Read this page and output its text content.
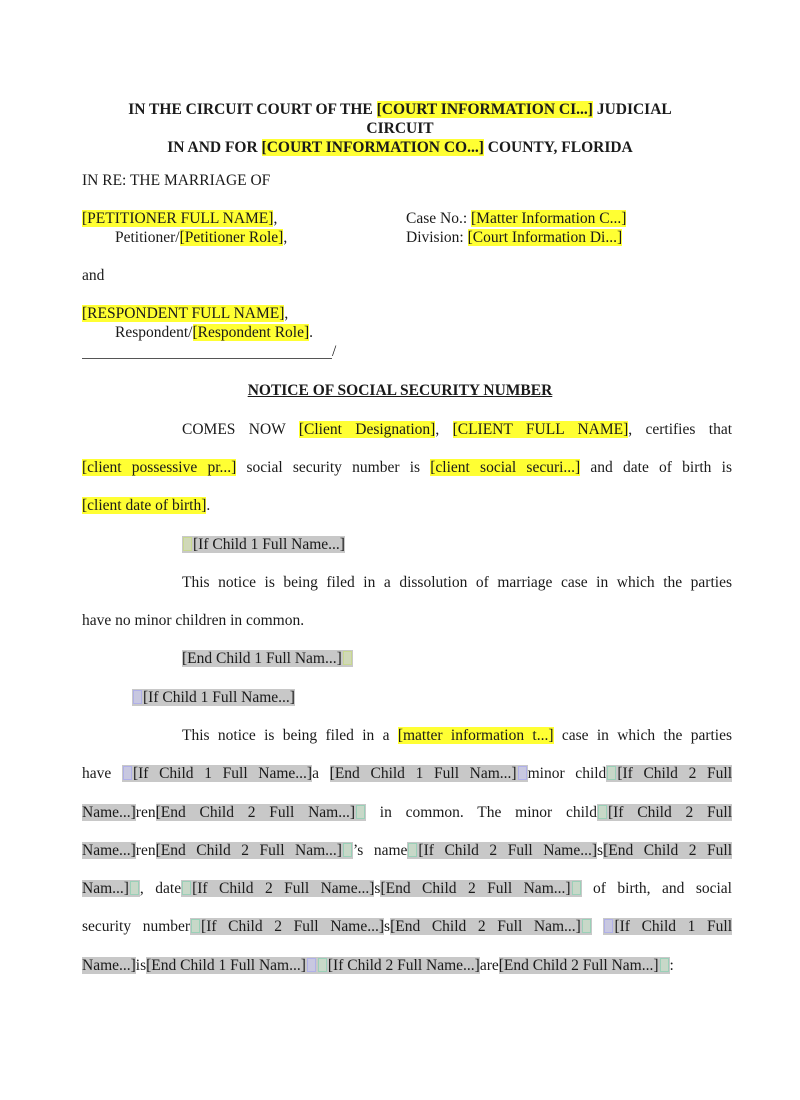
IN THE CIRCUIT COURT OF THE [COURT INFORMATION CI...] JUDICIAL
CIRCUIT
IN AND FOR [COURT INFORMATION CO...] COUNTY, FLORIDA
IN RE: THE MARRIAGE OF
[PETITIONER FULL NAME],
Petitioner/[Petitioner Role],
Case No.: [Matter Information C...]
Division: [Court Information Di...]
and
[RESPONDENT FULL NAME],
Respondent/[Respondent Role].
/
NOTICE OF SOCIAL SECURITY NUMBER
COMES NOW [Client Designation], [CLIENT FULL NAME], certifies that
[client possessive pr...] social security number is [client social securi...] and date of birth is
[client date of birth].
[If Child 1 Full Name...]
This notice is being filed in a dissolution of marriage case in which the parties
have no minor children in common.
[End Child 1 Full Nam...]
[If Child 1 Full Name...]
This notice is being filed in a [matter information t...] case in which the parties
have [If Child 1 Full Name...]a [End Child 1 Full Nam...] minor child [If Child 2 Full
Name...]ren[End Child 2 Full Nam...] in common. The minor child [If Child 2 Full
Name...]ren[End Child 2 Full Nam...] ’s name [If Child 2 Full Name...]s[End Child 2 Full
Nam...] , date [If Child 2 Full Name...]s[End Child 2 Full Nam...] of birth, and social
security number [If Child 2 Full Name...]s[End Child 2 Full Nam...] [If Child 1 Full
Name...]is[End Child 1 Full Nam...] [If Child 2 Full Name...]are[End Child 2 Full Nam...] :
